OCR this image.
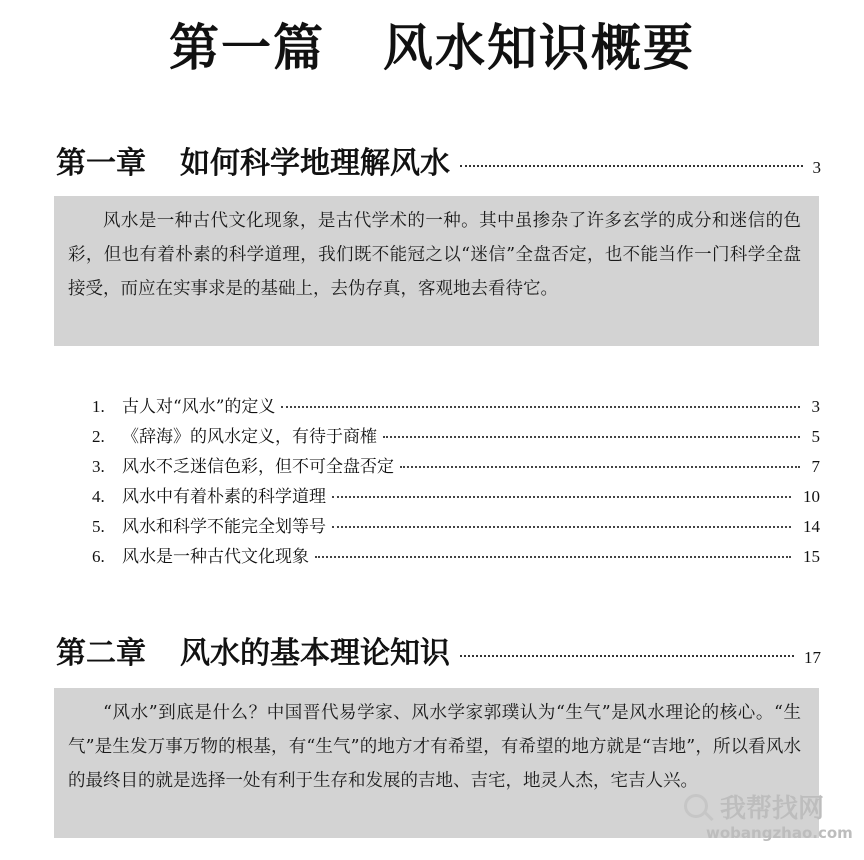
第一篇 风水知识概要
第一章 如何科学地理解风水	3
风水是一种古代文化现象，是古代学术的一种。其中虽掺杂了许多玄学的成分和迷信的色彩，但也有着朴素的科学道理，我们既不能冠之以“迷信”全盘否定，也不能当作一门科学全盘接受，而应在实事求是的基础上，去伪存真，客观地去看待它。
1.	古人对“风水”的定义	3
2.	《辞海》的风水定义，有待于商榷	5
3.	风水不乏迷信色彩，但不可全盘否定	7
4.	风水中有着朴素的科学道理	10
5.	风水和科学不能完全划等号	14
6.	风水是一种古代文化现象	15
第二章 风水的基本理论知识	17
“风水”到底是什么？中国晋代易学家、风水学家郭璞认为“生气”是风水理论的核心。“生气”是生发万事万物的根基，有“生气”的地方才有希望，有希望的地方就是“吉地”，所以看风水的最终目的就是选择一处有利于生存和发展的吉地、吉宅，地灵人杰，宅吉人兴。
我帮找网
wobangzhao.com
